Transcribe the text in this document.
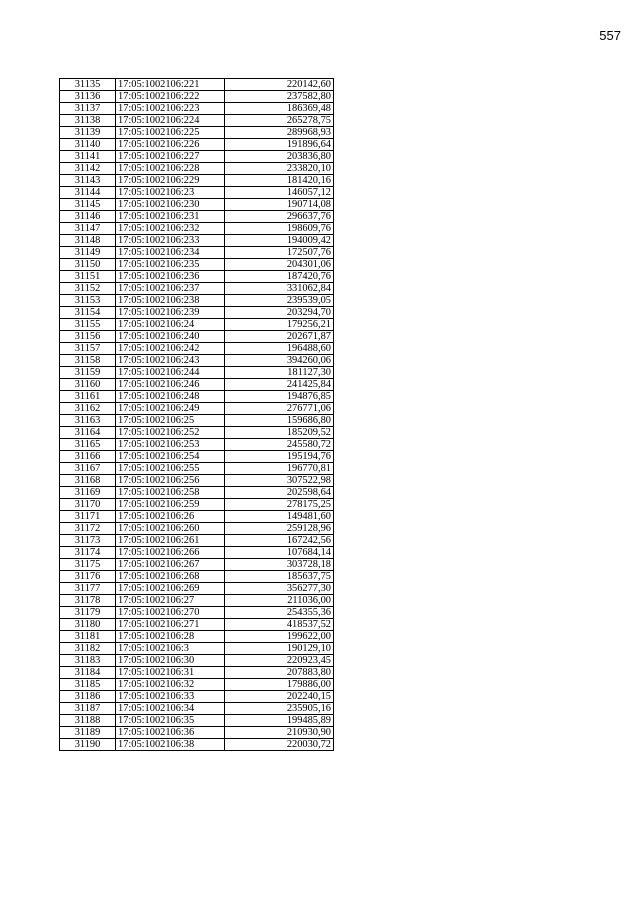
557
31135	17:05:1002106:221	220142,60
31136	17:05:1002106:222	237582,80
31137	17:05:1002106:223	186369,48
31138	17:05:1002106:224	265278,75
31139	17:05:1002106:225	289968,93
31140	17:05:1002106:226	191896,64
31141	17:05:1002106:227	203836,80
31142	17:05:1002106:228	233820,10
31143	17:05:1002106:229	181420,16
31144	17:05:1002106:23	146057,12
31145	17:05:1002106:230	190714,08
31146	17:05:1002106:231	296637,76
31147	17:05:1002106:232	198609,76
31148	17:05:1002106:233	194009,42
31149	17:05:1002106:234	172507,76
31150	17:05:1002106:235	204301,06
31151	17:05:1002106:236	187420,76
31152	17:05:1002106:237	331062,84
31153	17:05:1002106:238	239539,05
31154	17:05:1002106:239	203294,70
31155	17:05:1002106:24	179256,21
31156	17:05:1002106:240	202671,87
31157	17:05:1002106:242	196488,60
31158	17:05:1002106:243	394260,06
31159	17:05:1002106:244	181127,30
31160	17:05:1002106:246	241425,84
31161	17:05:1002106:248	194876,85
31162	17:05:1002106:249	276771,06
31163	17:05:1002106:25	159686,80
31164	17:05:1002106:252	185209,52
31165	17:05:1002106:253	245580,72
31166	17:05:1002106:254	195194,76
31167	17:05:1002106:255	196770,81
31168	17:05:1002106:256	307522,98
31169	17:05:1002106:258	202598,64
31170	17:05:1002106:259	278175,25
31171	17:05:1002106:26	149481,60
31172	17:05:1002106:260	259128,96
31173	17:05:1002106:261	167242,56
31174	17:05:1002106:266	107684,14
31175	17:05:1002106:267	303728,18
31176	17:05:1002106:268	185637,75
31177	17:05:1002106:269	356277,30
31178	17:05:1002106:27	211036,00
31179	17:05:1002106:270	254355,36
31180	17:05:1002106:271	418537,52
31181	17:05:1002106:28	199622,00
31182	17:05:1002106:3	190129,10
31183	17:05:1002106:30	220923,45
31184	17:05:1002106:31	207883,80
31185	17:05:1002106:32	179886,00
31186	17:05:1002106:33	202240,15
31187	17:05:1002106:34	235905,16
31188	17:05:1002106:35	199485,89
31189	17:05:1002106:36	210930,90
31190	17:05:1002106:38	220030,72
